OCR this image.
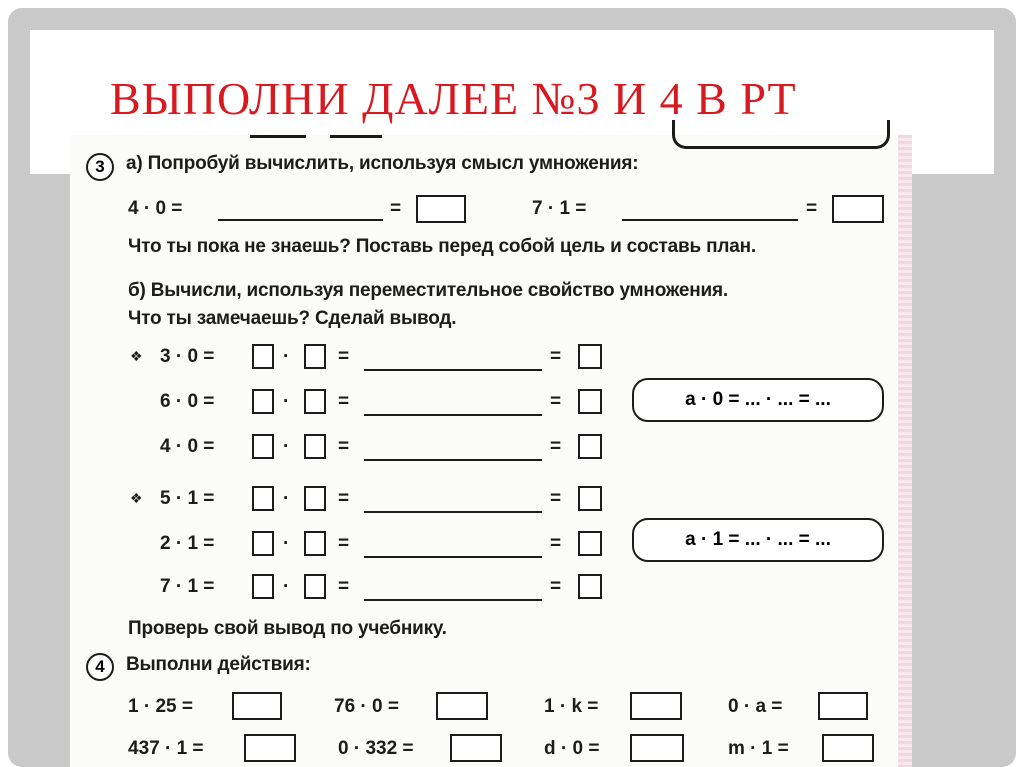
ВЫПОЛНИ ДАЛЕЕ №3 И 4 В РТ
3	а) Попробуй вычислить, используя смысл умножения:
4 · 0 =	=	7 · 1 =	=
Что ты пока не знаешь? Поставь перед собой цель и составь план.
б) Вычисли, используя переместительное свойство умножения.
Что ты замечаешь? Сделай вывод.
❖ 3 · 0 =	·	=	=
6 · 0 =	·	=	=
4 · 0 =	·	=	=
a · 0 = ... · ... = ...
❖ 5 · 1 =	·	=	=
2 · 1 =	·	=	=
7 · 1 =	·	=	=
a · 1 = ... · ... = ...
Проверь свой вывод по учебнику.
4	Выполни действия:
1 · 25 =	76 · 0 =	1 · k =	0 · a =
437 · 1 =	0 · 332 =	d · 0 =	m · 1 =
